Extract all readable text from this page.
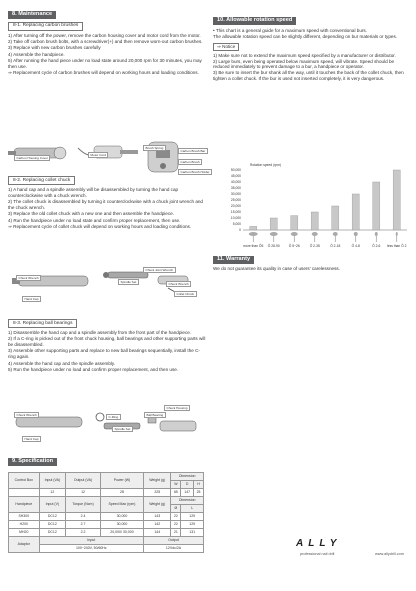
8. Maintenance
8-1. Replacing carbon brushes
1) After turning off the power, remove the carbon housing cover and motor cord from the motor.
2) Take off carbon brush bolts, with a screwdriver(+) and then remove worn-out carbon brushes.
3) Replace with new carbon brushes carefully
4) Assemble the handpiece.
5) After running the hand piece under no load state around 20,000 rpm for 30 minutes, you may then use.
⇒ Replacement cycle of carbon brushes will depend on working hours and loading conditions.
Carbon Housing Cover
Motor Cord
Brush Spring
Carbon Brush Bar
Carbon Brush
Carbon Brush Holder
8-2. Replacing collet chuck
1) A hand cap and a spindle assembly will be disassembled by turning the hand cap counterclockwise with a chuck wrench.
2) The collet chuck is disassembled by turning it counterclockwise with a chuck joint wrench and the chuck wrench.
3) Replace the old collet chuck with a new one and then assemble the handpiece.
4) Run the handpiece under no load state and confirm proper replacement, then use.
⇒ Replacement cycle of collet chuck will depend on working hours and loading conditions.
Chuck Wrench
Hand Cap
Spindle Set
Chuck Joint Wrench
Chuck Wrench
Collet Chuck
8-3. Replacing ball bearings
1) Disassemble the hand cap and a spindle assembly from the front part of the handpiece.
2) If a C-ring is picked out of the front chuck housing, ball bearings and other supporting parts will be disassembled.
3) Assemble other supporting parts and replace to new ball bearings sequentially, install the C-ring again.
4) Assemble the hand cap and the spindle assembly.
5) Run the handpiece under no load and confirm proper replacement, and then use.
Chuck Wrench
Hand Cap
C-Ring
Spindle Set
Ball Bearing
Chuck Housing
9. Specification
Control Box	Input (VA)	Output (VA)	Power (W)	Weight (g)	Dimension		
					W	D	H
	12	12	28	225	65	147	25
Handpiece	Input (V)	Torque (Ncm)	Speed Max (rpm)	Weight (g)	Dimension		
					Ø	L	
SH300	DC12	2.4	30,000	143	22	129	
H200	DC12	2.7	30,000	142	22	129	
MH20	DC12	2.2	20,000/ 30,000	144	21	131	
Adaptor	Input			Output			
	100~240V, 50/60Hz			12Vdc/2A			
10. Allowable rotation speed
• This chart is a general guide for a maximum speed with conventional burs.
The allowable rotation speed can be slightly different, depending on bur materials or types.
⇒ Notice
1) Make sure not to extend the maximum speed specified by a manufacturer or distributor.
2) Large burs, even being operated below maximum speed, will vibrate. Speed should be reduced immediately to prevent damage to a bur, a handpiece or operator.
3) Be sure to insert the bur shank all the way, until it touches the back of the collet chuck, then tighten a collet chuck. If the bur is used not inserted completely, it is very dangerous.
Rotation speed (rpm)
0
5,000
10,000
15,000
20,000
25,000
30,000
35,000
40,000
45,000
50,000
more than Ô5 Ô 28-90	Ô 5~26	Ô 2-35	Ô 2-18	Ô 4-8	Ô 2-6 less than Ô 2
11. Warranty
We do not guarantee its quality in case of users' carelessness.
ALLY
professional nail drill	www.allydrill.com
